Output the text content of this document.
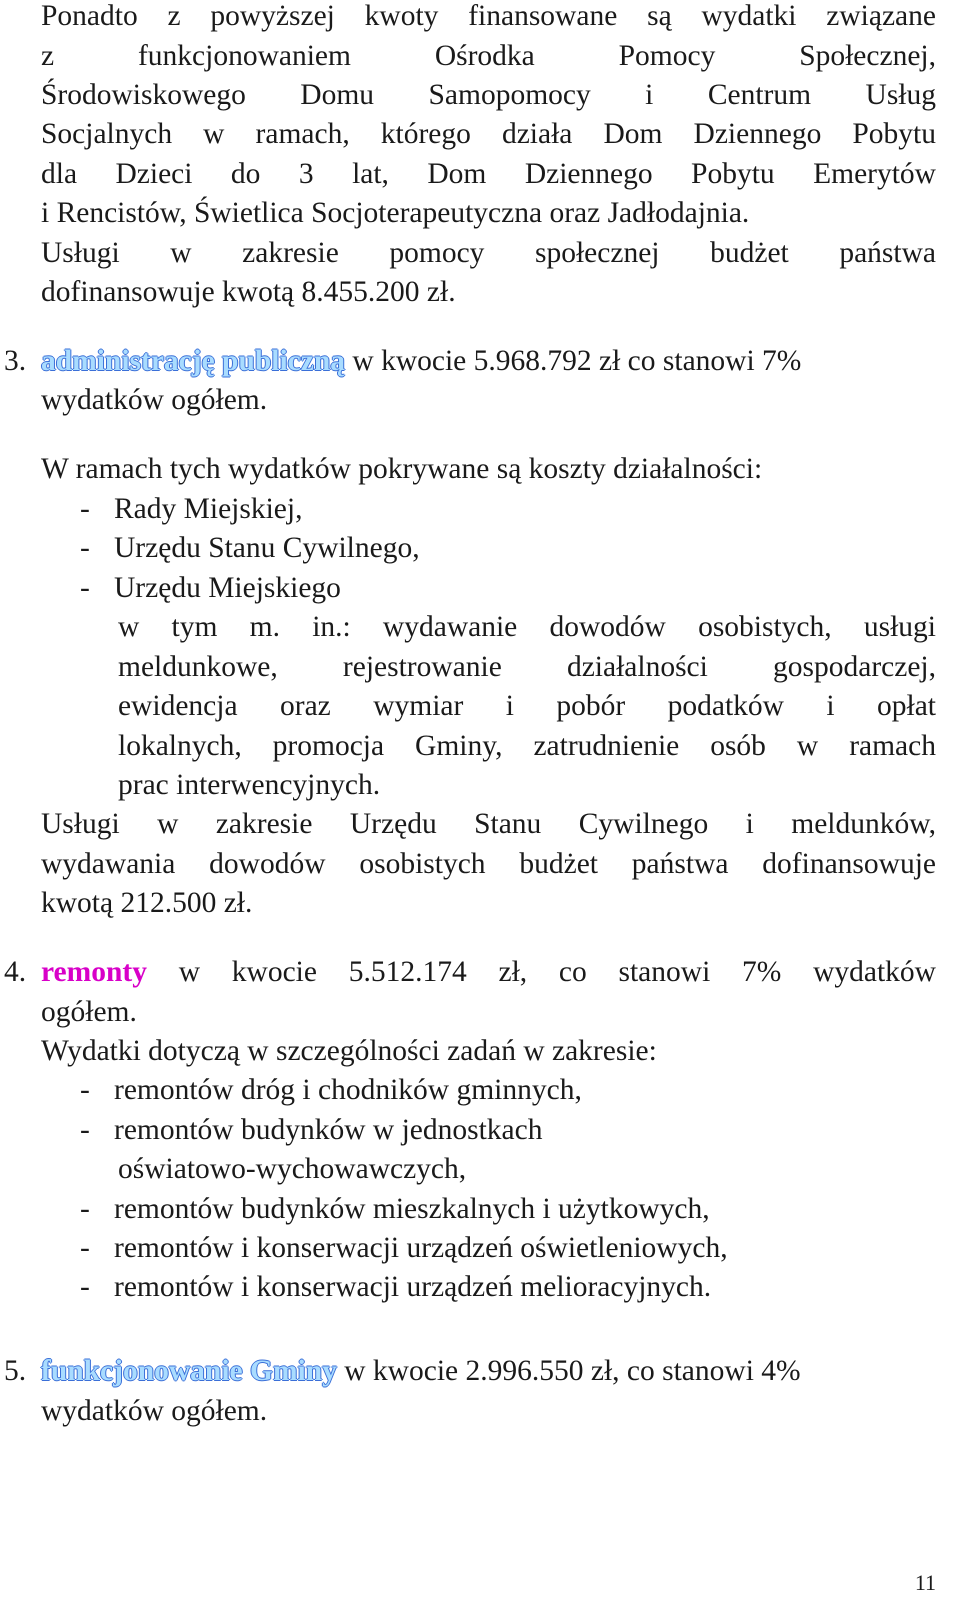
Ponadto z powyższej kwoty finansowane są wydatki związane
z funkcjonowaniem Ośrodka Pomocy Społecznej,
Środowiskowego Domu Samopomocy i Centrum Usług
Socjalnych w ramach, którego działa Dom Dziennego Pobytu
dla Dzieci do 3 lat, Dom Dziennego Pobytu Emerytów
i Rencistów, Świetlica Socjoterapeutyczna oraz Jadłodajnia.
Usługi w zakresie pomocy społecznej budżet państwa
dofinansowuje kwotą 8.455.200 zł.
3. administrację publiczną w kwocie 5.968.792 zł co stanowi 7%
wydatków ogółem.
W ramach tych wydatków pokrywane są koszty działalności:
- Rady Miejskiej,
- Urzędu Stanu Cywilnego,
- Urzędu Miejskiego
w tym m. in.: wydawanie dowodów osobistych, usługi
meldunkowe, rejestrowanie działalności gospodarczej,
ewidencja oraz wymiar i pobór podatków i opłat
lokalnych, promocja Gminy, zatrudnienie osób w ramach
prac interwencyjnych.
Usługi w zakresie Urzędu Stanu Cywilnego i meldunków,
wydawania dowodów osobistych budżet państwa dofinansowuje
kwotą 212.500 zł.
4. remonty w kwocie 5.512.174 zł, co stanowi 7% wydatków
ogółem.
Wydatki dotyczą w szczególności zadań w zakresie:
- remontów dróg i chodników gminnych,
- remontów budynków w jednostkach
oświatowo-wychowawczych,
- remontów budynków mieszkalnych i użytkowych,
- remontów i konserwacji urządzeń oświetleniowych,
- remontów i konserwacji urządzeń melioracyjnych.
5. funkcjonowanie Gminy w kwocie 2.996.550 zł, co stanowi 4%
wydatków ogółem.
11
